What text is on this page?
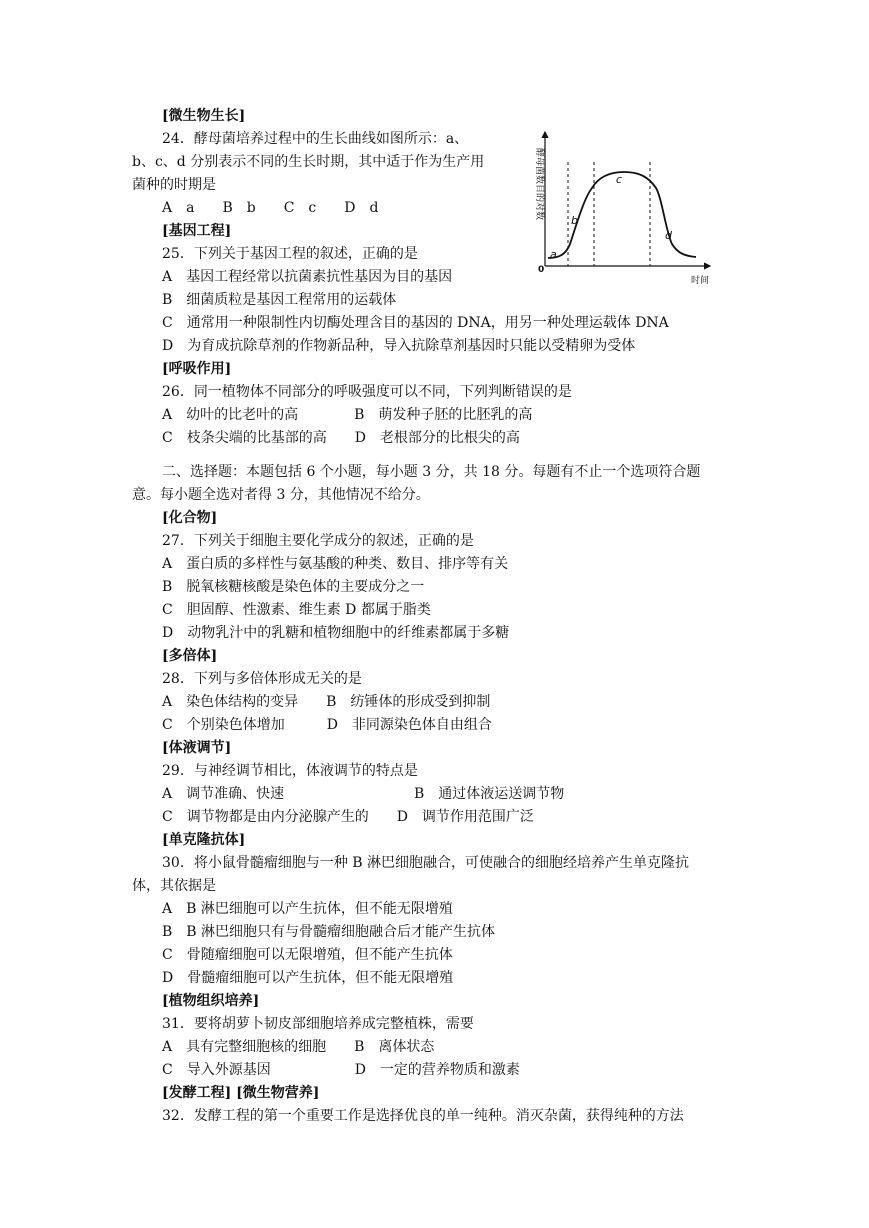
[微生物生长]
24．酵母菌培养过程中的生长曲线如图所示：a、
b、c、d 分别表示不同的生长时期，其中适于作为生产用
菌种的时期是
A　a　　B　b　　C　c　　D　d
[基因工程]
25．下列关于基因工程的叙述，正确的是
A　基因工程经常以抗菌素抗性基因为目的基因
B　细菌质粒是基因工程常用的运载体
C　通常用一种限制性内切酶处理含目的基因的 DNA，用另一种处理运载体 DNA
D　为育成抗除草剂的作物新品种，导入抗除草剂基因时只能以受精卵为受体
[呼吸作用]
26．同一植物体不同部分的呼吸强度可以不同，下列判断错误的是
A　幼叶的比老叶的高　　　　B　萌发种子胚的比胚乳的高
C　枝条尖端的比基部的高　　D　老根部分的比根尖的高
二、选择题：本题包括 6 个小题，每小题 3 分，共 18 分。每题有不止一个选项符合题
意。每小题全选对者得 3 分，其他情况不给分。
[化合物]
27．下列关于细胞主要化学成分的叙述，正确的是
A　蛋白质的多样性与氨基酸的种类、数目、排序等有关
B　脱氧核糖核酸是染色体的主要成分之一
C　胆固醇、性激素、维生素 D 都属于脂类
D　动物乳汁中的乳糖和植物细胞中的纤维素都属于多糖
[多倍体]
28．下列与多倍体形成无关的是
A　染色体结构的变异　　B　纺锤体的形成受到抑制
C　个别染色体增加　　　D　非同源染色体自由组合
[体液调节]
29．与神经调节相比，体液调节的特点是
A　调节准确、快速	B　通过体液运送调节物
C　调节物都是由内分泌腺产生的　　D　调节作用范围广泛
[单克隆抗体]
30．将小鼠骨髓瘤细胞与一种 B 淋巴细胞融合，可使融合的细胞经培养产生单克隆抗
体，其依据是
A　B 淋巴细胞可以产生抗体，但不能无限增殖
B　B 淋巴细胞只有与骨髓瘤细胞融合后才能产生抗体
C　骨随瘤细胞可以无限增殖，但不能产生抗体
D　骨髓瘤细胞可以产生抗体，但不能无限增殖
[植物组织培养]
31．要将胡萝卜韧皮部细胞培养成完整植株，需要
A　具有完整细胞核的细胞　　B　离体状态
C　导入外源基因　　　　　　D　一定的营养物质和激素
[发酵工程] [微生物营养]
32．发酵工程的第一个重要工作是选择优良的单一纯种。消灭杂菌，获得纯种的方法
酵母菌数目的对数
时间
0
a
b
c
d
